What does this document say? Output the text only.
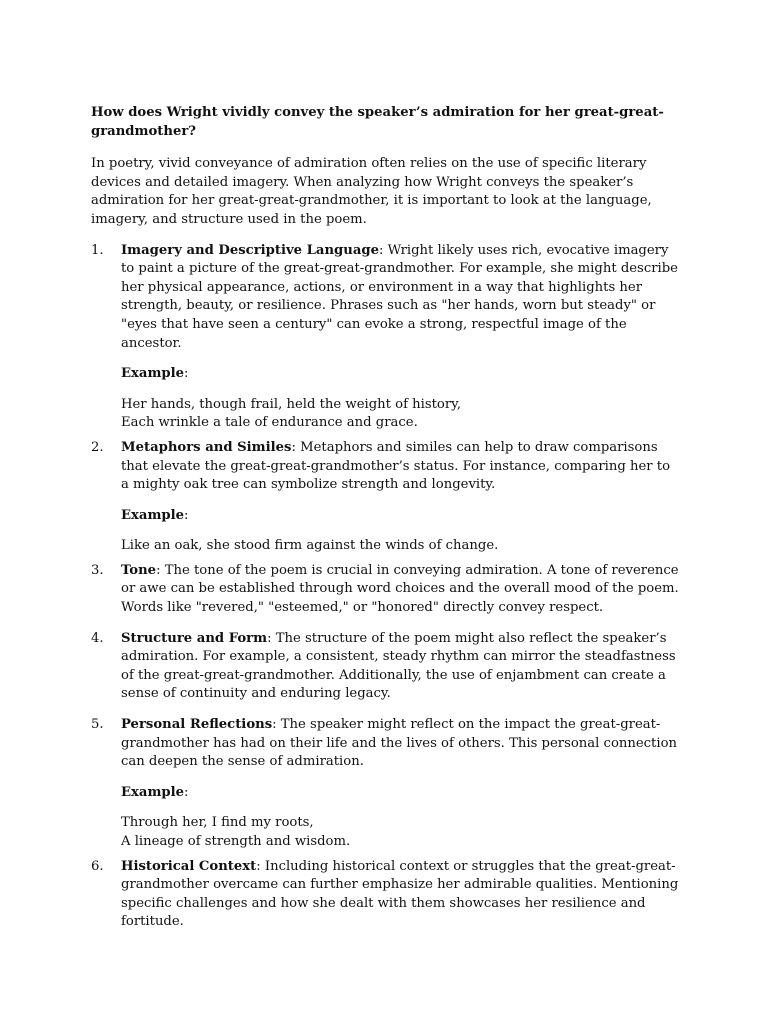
How does Wright vividly convey the speaker’s admiration for her great-great-grandmother?

In poetry, vivid conveyance of admiration often relies on the use of specific literary devices and detailed imagery. When analyzing how Wright conveys the speaker’s admiration for her great-great-grandmother, it is important to look at the language, imagery, and structure used in the poem.

1.	Imagery and Descriptive Language: Wright likely uses rich, evocative imagery to paint a picture of the great-great-grandmother. For example, she might describe her physical appearance, actions, or environment in a way that highlights her strength, beauty, or resilience. Phrases such as "her hands, worn but steady" or "eyes that have seen a century" can evoke a strong, respectful image of the ancestor.
Example:
Her hands, though frail, held the weight of history,
Each wrinkle a tale of endurance and grace.
2.	Metaphors and Similes: Metaphors and similes can help to draw comparisons that elevate the great-great-grandmother’s status. For instance, comparing her to a mighty oak tree can symbolize strength and longevity.
Example:
Like an oak, she stood firm against the winds of change.
3.	Tone: The tone of the poem is crucial in conveying admiration. A tone of reverence or awe can be established through word choices and the overall mood of the poem. Words like "revered," "esteemed," or "honored" directly convey respect.
4.	Structure and Form: The structure of the poem might also reflect the speaker’s admiration. For example, a consistent, steady rhythm can mirror the steadfastness of the great-great-grandmother. Additionally, the use of enjambment can create a sense of continuity and enduring legacy.
5.	Personal Reflections: The speaker might reflect on the impact the great-great-grandmother has had on their life and the lives of others. This personal connection can deepen the sense of admiration.
Example:
Through her, I find my roots,
A lineage of strength and wisdom.
6.	Historical Context: Including historical context or struggles that the great-great-grandmother overcame can further emphasize her admirable qualities. Mentioning specific challenges and how she dealt with them showcases her resilience and fortitude.
